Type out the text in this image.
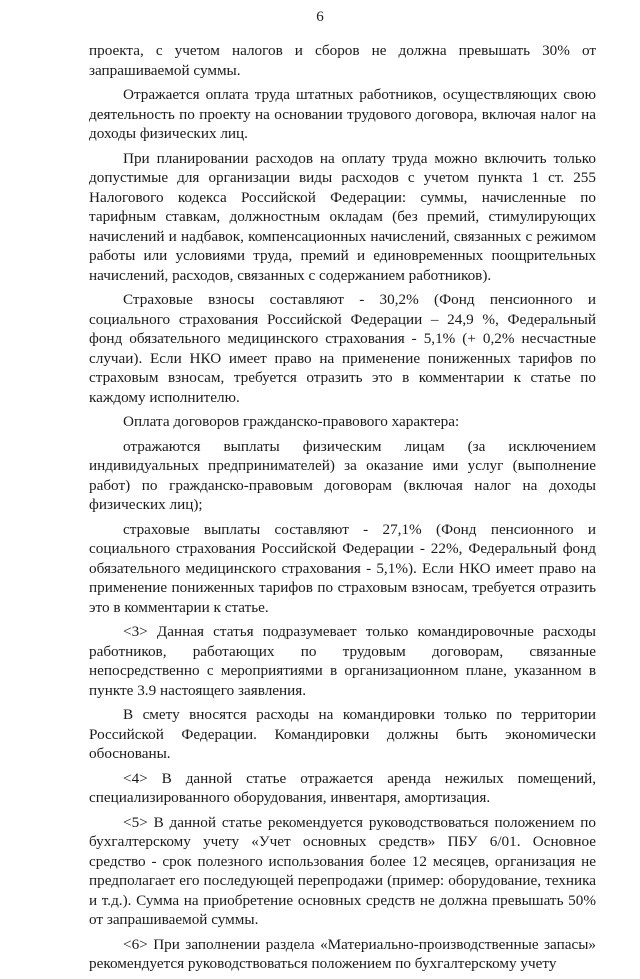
6

проекта, с учетом налогов и сборов не должна превышать 30% от запрашиваемой суммы.

Отражается оплата труда штатных работников, осуществляющих свою деятельность по проекту на основании трудового договора, включая налог на доходы физических лиц.

При планировании расходов на оплату труда можно включить только допустимые для организации виды расходов с учетом пункта 1 ст. 255 Налогового кодекса Российской Федерации: суммы, начисленные по тарифным ставкам, должностным окладам (без премий, стимулирующих начислений и надбавок, компенсационных начислений, связанных с режимом работы или условиями труда, премий и единовременных поощрительных начислений, расходов, связанных с содержанием работников).

Страховые взносы составляют - 30,2% (Фонд пенсионного и социального страхования Российской Федерации – 24,9 %, Федеральный фонд обязательного медицинского страхования - 5,1% (+ 0,2% несчастные случаи). Если НКО имеет право на применение пониженных тарифов по страховым взносам, требуется отразить это в комментарии к статье по каждому исполнителю.

Оплата договоров гражданско-правового характера:

отражаются выплаты физическим лицам (за исключением индивидуальных предпринимателей) за оказание ими услуг (выполнение работ) по гражданско-правовым договорам (включая налог на доходы физических лиц);

страховые выплаты составляют - 27,1% (Фонд пенсионного и социального страхования Российской Федерации - 22%, Федеральный фонд обязательного медицинского страхования - 5,1%). Если НКО имеет право на применение пониженных тарифов по страховым взносам, требуется отразить это в комментарии к статье.

<3> Данная статья подразумевает только командировочные расходы работников, работающих по трудовым договорам, связанные непосредственно с мероприятиями в организационном плане, указанном в пункте 3.9 настоящего заявления.

В смету вносятся расходы на командировки только по территории Российской Федерации. Командировки должны быть экономически обоснованы.

<4> В данной статье отражается аренда нежилых помещений, специализированного оборудования, инвентаря, амортизация.

<5> В данной статье рекомендуется руководствоваться положением по бухгалтерскому учету «Учет основных средств» ПБУ 6/01. Основное средство - срок полезного использования более 12 месяцев, организация не предполагает его последующей перепродажи (пример: оборудование, техника и т.д.). Сумма на приобретение основных средств не должна превышать 50% от запрашиваемой суммы.

<6> При заполнении раздела «Материально-производственные запасы» рекомендуется руководствоваться положением по бухгалтерскому учету
